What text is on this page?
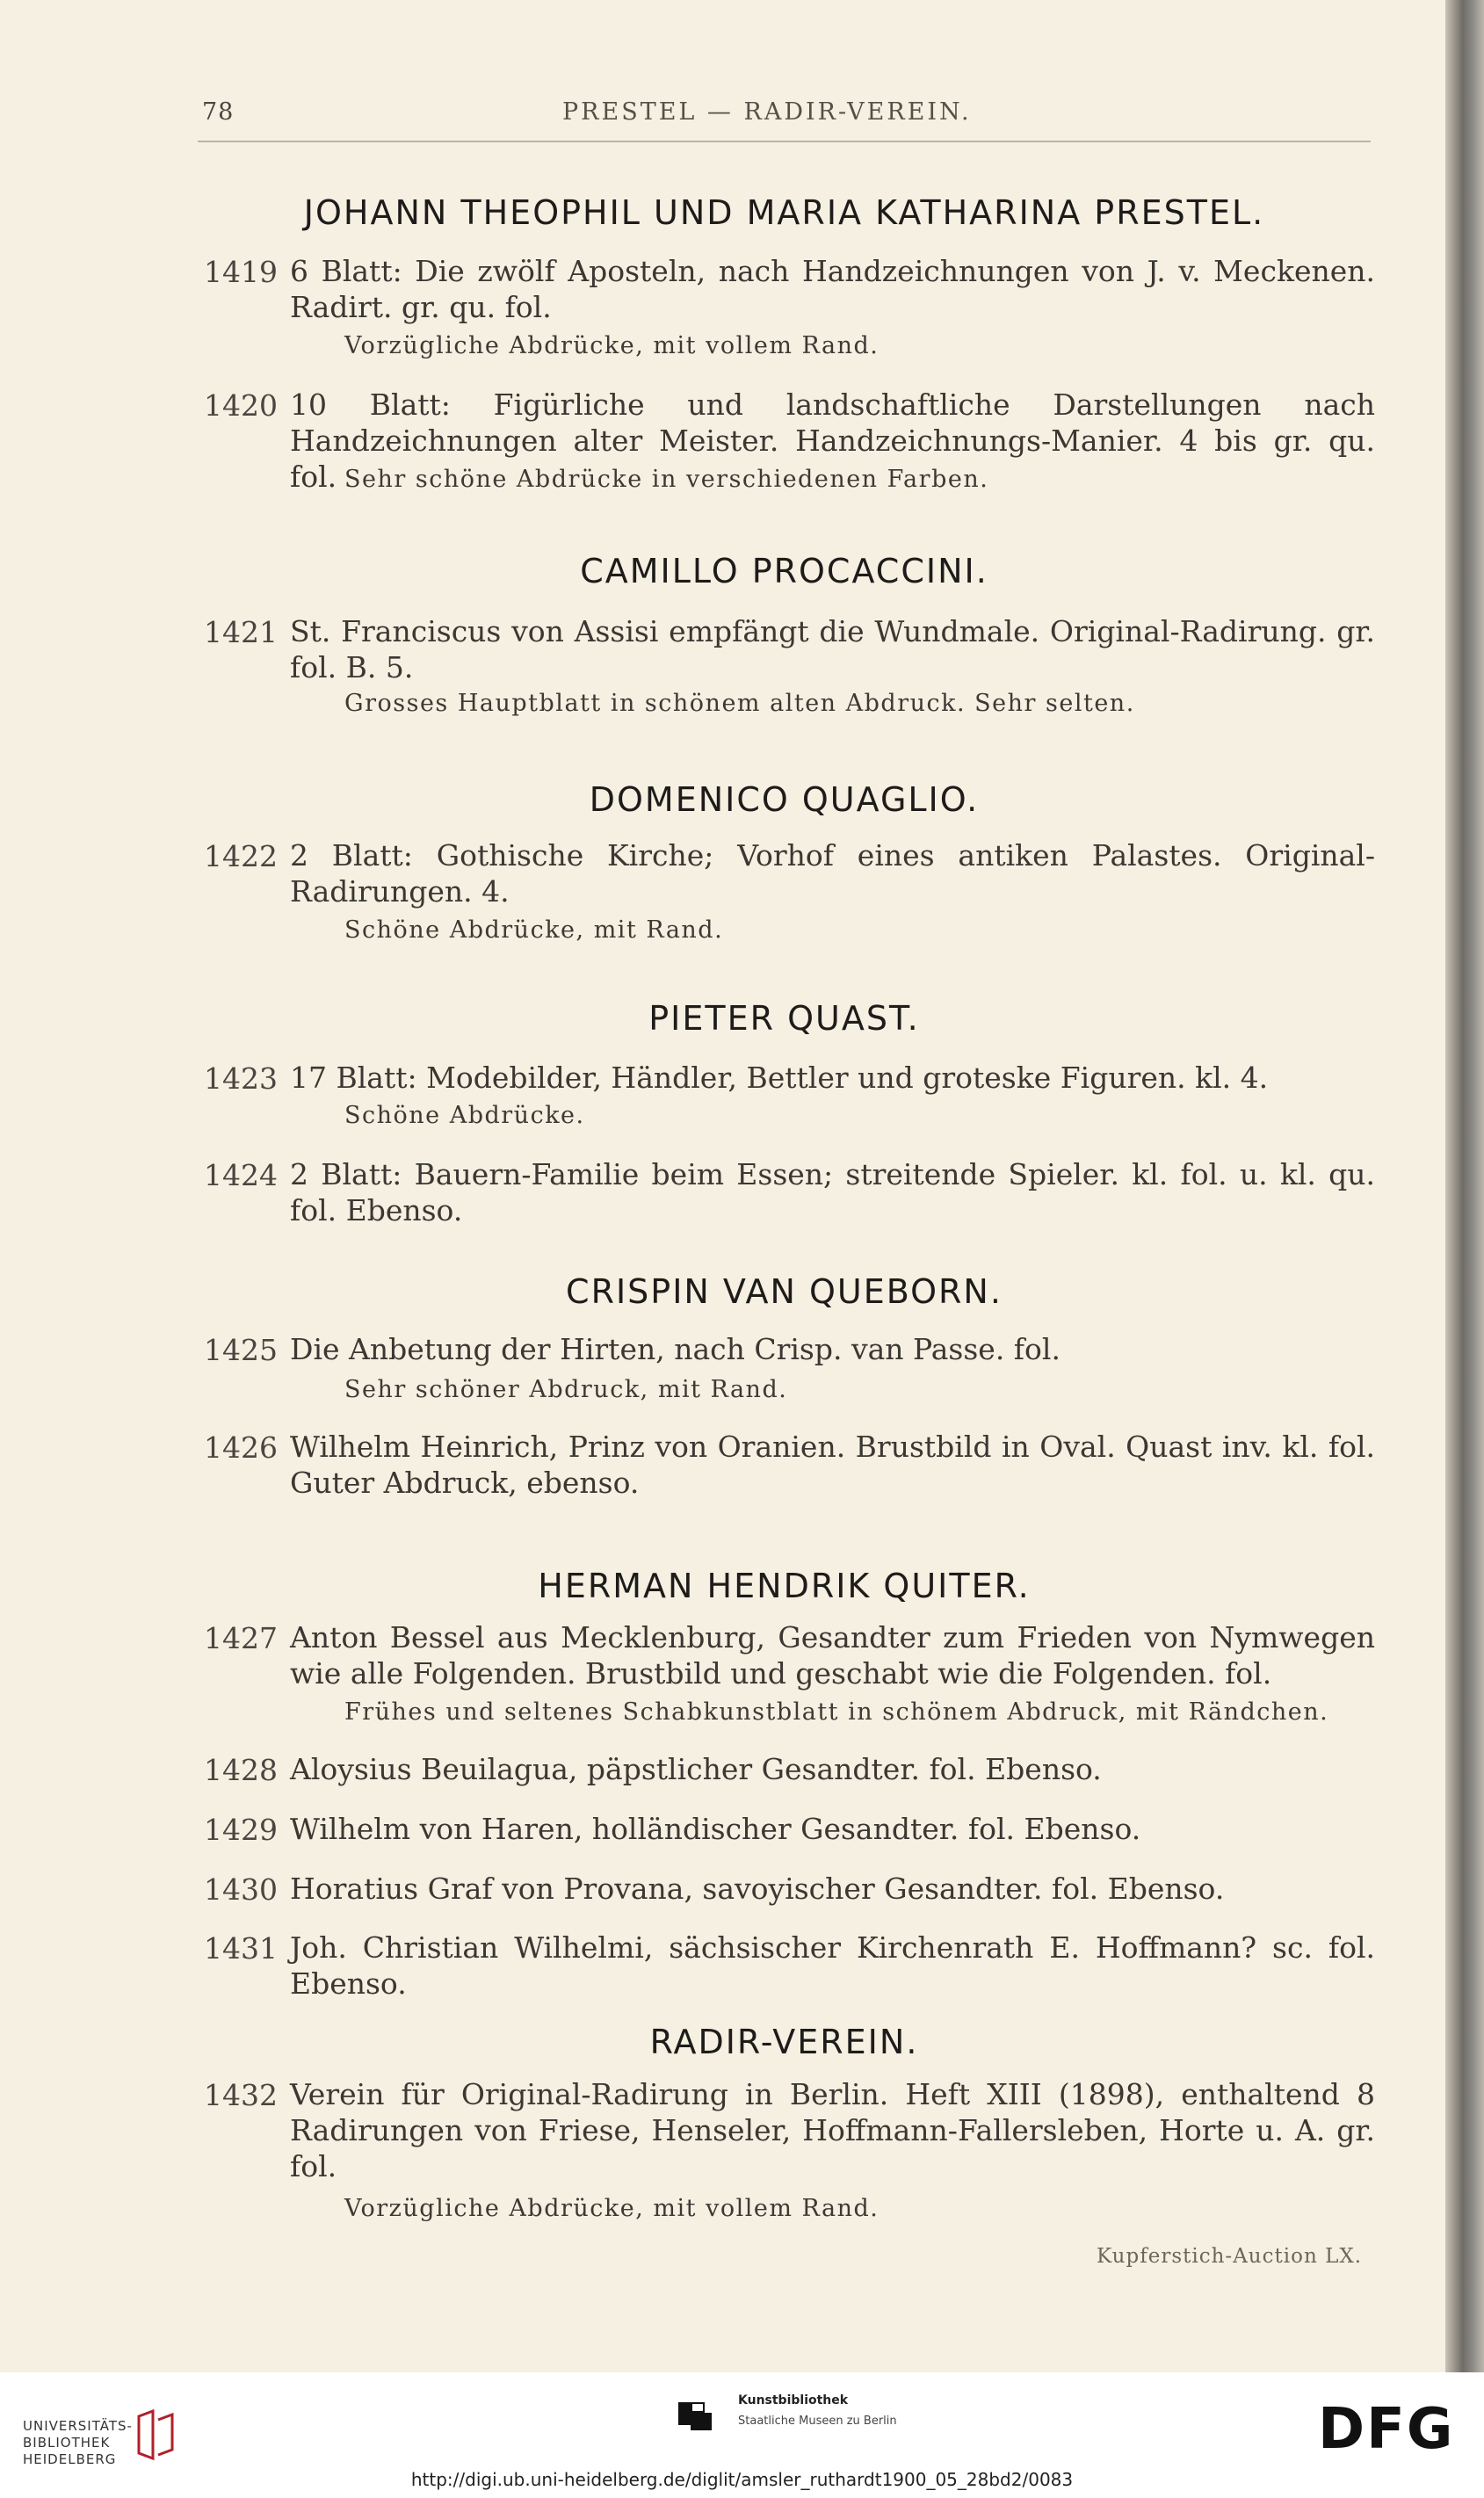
78	PRESTEL — RADIR-VEREIN.
JOHANN THEOPHIL UND MARIA KATHARINA PRESTEL.
1419 6 Blatt: Die zwölf Aposteln, nach Handzeichnungen von J. v. Meckenen. Radirt. gr. qu. fol.
Vorzügliche Abdrücke, mit vollem Rand.
1420 10 Blatt: Figürliche und landschaftliche Darstellungen nach Handzeichnungen alter Meister. Handzeichnungs-Manier. 4 bis gr. qu. fol. Sehr schöne Abdrücke in verschiedenen Farben.
CAMILLO PROCACCINI.
1421 St. Franciscus von Assisi empfängt die Wundmale. Original-Radirung. gr. fol. B. 5.
Grosses Hauptblatt in schönem alten Abdruck. Sehr selten.
DOMENICO QUAGLIO.
1422 2 Blatt: Gothische Kirche; Vorhof eines antiken Palastes. Original-Radirungen. 4.
Schöne Abdrücke, mit Rand.
PIETER QUAST.
1423 17 Blatt: Modebilder, Händler, Bettler und groteske Figuren. kl. 4.
Schöne Abdrücke.
1424 2 Blatt: Bauern-Familie beim Essen; streitende Spieler. kl. fol. u. kl. qu. fol. Ebenso.
CRISPIN VAN QUEBORN.
1425 Die Anbetung der Hirten, nach Crisp. van Passe. fol.
Sehr schöner Abdruck, mit Rand.
1426 Wilhelm Heinrich, Prinz von Oranien. Brustbild in Oval. Quast inv. kl. fol. Guter Abdruck, ebenso.
HERMAN HENDRIK QUITER.
1427 Anton Bessel aus Mecklenburg, Gesandter zum Frieden von Nymwegen wie alle Folgenden. Brustbild und geschabt wie die Folgenden. fol.
Frühes und seltenes Schabkunstblatt in schönem Abdruck, mit Rändchen.
1428 Aloysius Beuilagua, päpstlicher Gesandter. fol. Ebenso.
1429 Wilhelm von Haren, holländischer Gesandter. fol. Ebenso.
1430 Horatius Graf von Provana, savoyischer Gesandter. fol. Ebenso.
1431 Joh. Christian Wilhelmi, sächsischer Kirchenrath E. Hoffmann? sc. fol. Ebenso.
RADIR-VEREIN.
1432 Verein für Original-Radirung in Berlin. Heft XIII (1898), enthaltend 8 Radirungen von Friese, Henseler, Hoffmann-Fallersleben, Horte u. A. gr. fol.
Vorzügliche Abdrücke, mit vollem Rand.
Kupferstich-Auction LX.
UNIVERSITÄTS-
BIBLIOTHEK
HEIDELBERG
Kunstbibliothek
Staatliche Museen zu Berlin	DFG
http://digi.ub.uni-heidelberg.de/diglit/amsler_ruthardt1900_05_28bd2/0083
